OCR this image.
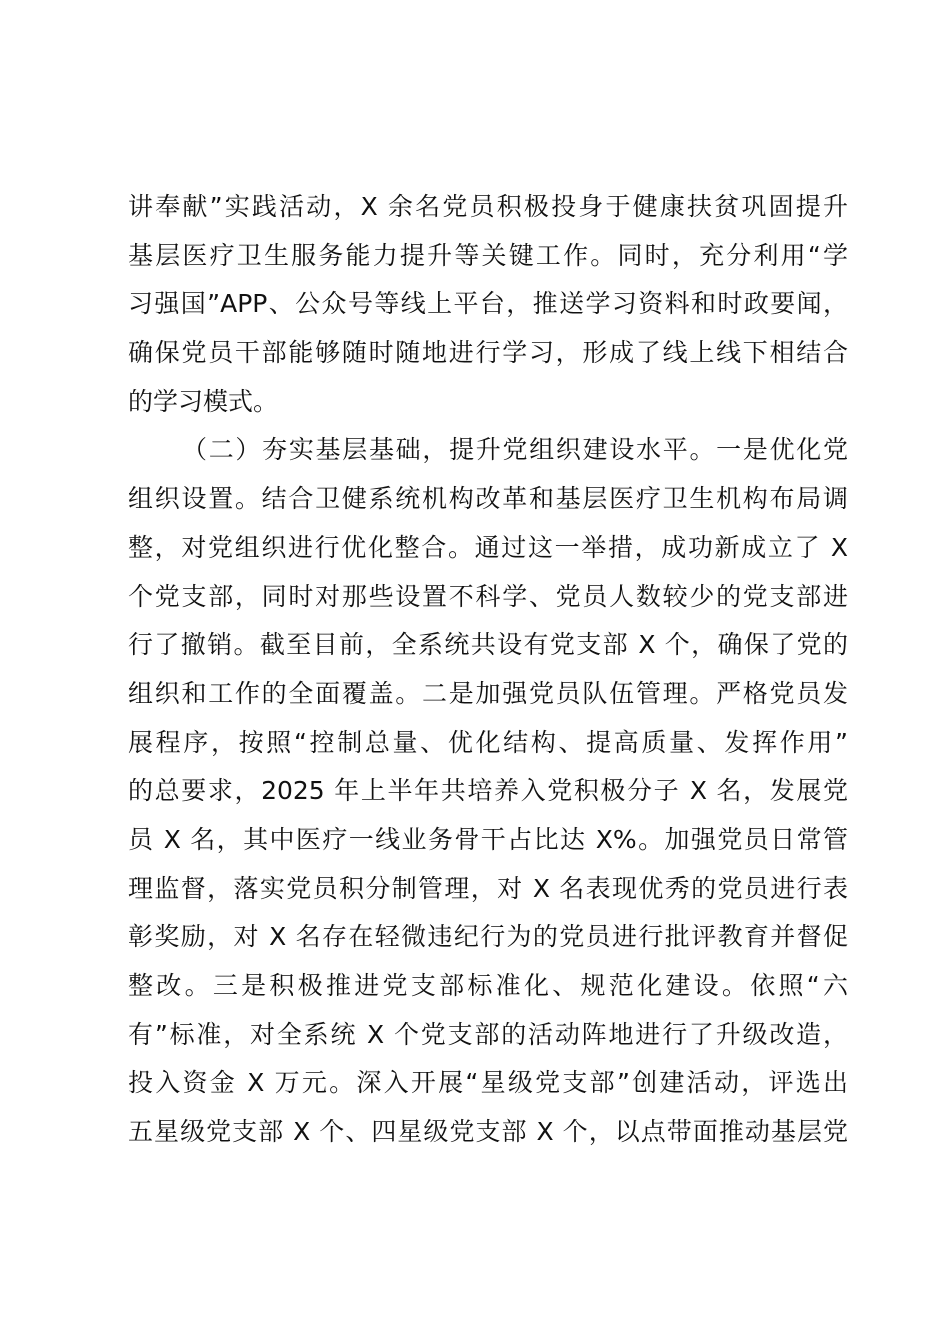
讲奉献”实践活动，X 余名党员积极投身于健康扶贫巩固提升
基层医疗卫生服务能力提升等关键工作。同时，充分利用“学
习强国”APP、公众号等线上平台，推送学习资料和时政要闻，
确保党员干部能够随时随地进行学习，形成了线上线下相结合
的学习模式。
（二）夯实基层基础，提升党组织建设水平。一是优化党
组织设置。结合卫健系统机构改革和基层医疗卫生机构布局调
整，对党组织进行优化整合。通过这一举措，成功新成立了 X
个党支部，同时对那些设置不科学、党员人数较少的党支部进
行了撤销。截至目前，全系统共设有党支部 X 个，确保了党的
组织和工作的全面覆盖。二是加强党员队伍管理。严格党员发
展程序，按照“控制总量、优化结构、提高质量、发挥作用”
的总要求，2025 年上半年共培养入党积极分子 X 名，发展党
员 X 名，其中医疗一线业务骨干占比达 X%。加强党员日常管
理监督，落实党员积分制管理，对 X 名表现优秀的党员进行表
彰奖励，对 X 名存在轻微违纪行为的党员进行批评教育并督促
整改。三是积极推进党支部标准化、规范化建设。依照“六
有”标准，对全系统 X 个党支部的活动阵地进行了升级改造，
投入资金 X 万元。深入开展“星级党支部”创建活动，评选出
五星级党支部 X 个、四星级党支部 X 个，以点带面推动基层党
